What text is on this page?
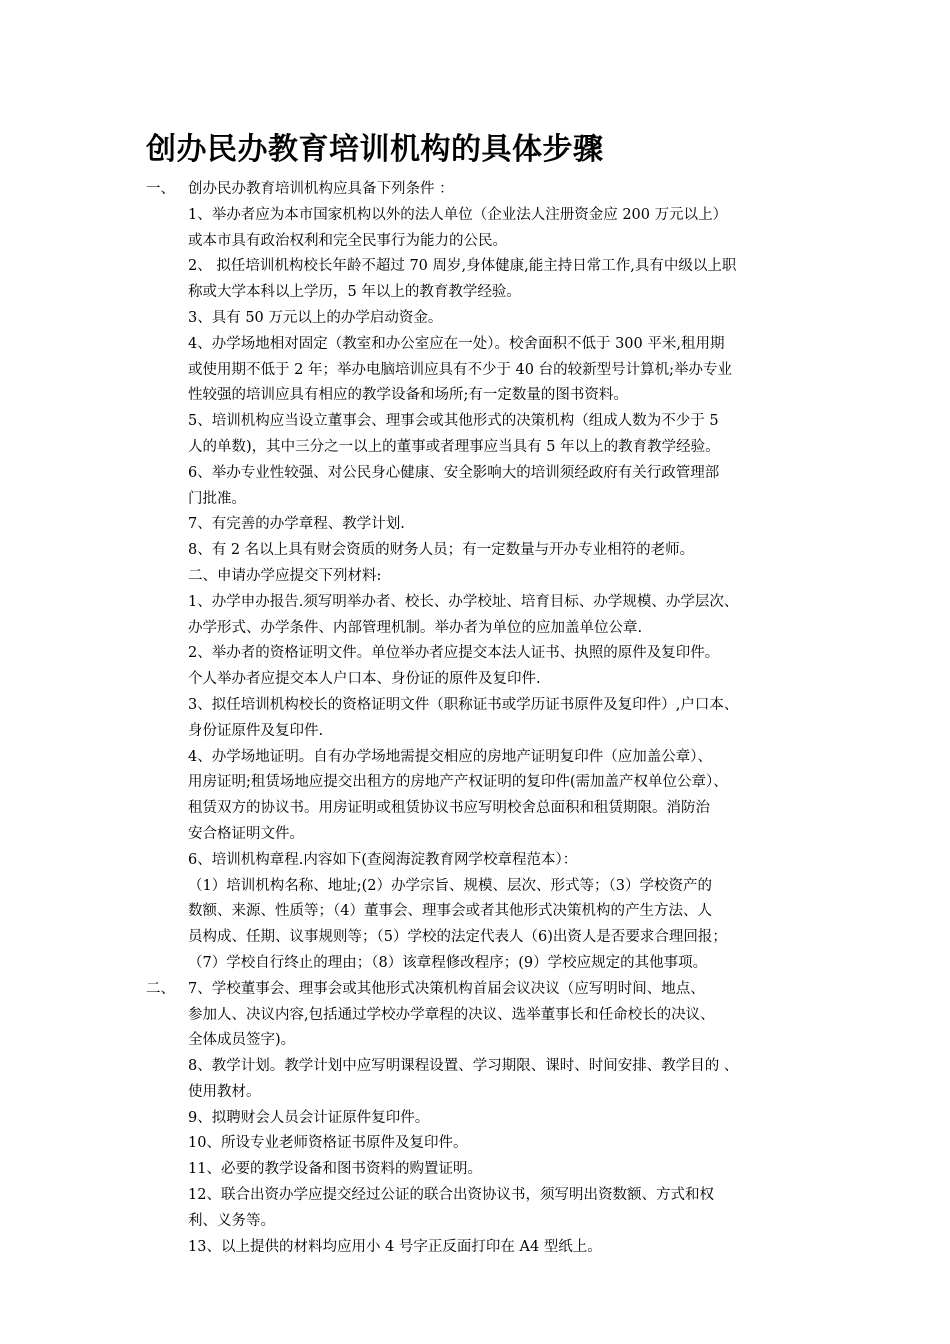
创办民办教育培训机构的具体步骤
一、 创办民办教育培训机构应具备下列条件 ：
1、举办者应为本市国家机构以外的法人单位（企业法人注册资金应 200 万元以上）
或本市具有政治权利和完全民事行为能力的公民。
2、 拟任培训机构校长年龄不超过 70 周岁,身体健康,能主持日常工作,具有中级以上职
称或大学本科以上学历，5 年以上的教育教学经验。
3、具有 50 万元以上的办学启动资金。
4、办学场地相对固定（教室和办公室应在一处）。校舍面积不低于 300 平米,租用期
或使用期不低于 2 年；举办电脑培训应具有不少于 40 台的较新型号计算机;举办专业
性较强的培训应具有相应的教学设备和场所;有一定数量的图书资料。
5、培训机构应当设立董事会、理事会或其他形式的决策机构（组成人数为不少于 5
人的单数)，其中三分之一以上的董事或者理事应当具有 5 年以上的教育教学经验。
6、举办专业性较强、对公民身心健康、安全影响大的培训须经政府有关行政管理部
门批准。
7、有完善的办学章程、教学计划.
8、有 2 名以上具有财会资质的财务人员；有一定数量与开办专业相符的老师。
二、申请办学应提交下列材料:
1、办学申办报告.须写明举办者、校长、办学校址、培育目标、办学规模、办学层次、
办学形式、办学条件、内部管理机制。举办者为单位的应加盖单位公章.
2、举办者的资格证明文件。单位举办者应提交本法人证书、执照的原件及复印件。
个人举办者应提交本人户口本、身份证的原件及复印件.
3、拟任培训机构校长的资格证明文件（职称证书或学历证书原件及复印件）,户口本、
身份证原件及复印件.
4、办学场地证明。自有办学场地需提交相应的房地产证明复印件（应加盖公章）、
用房证明;租赁场地应提交出租方的房地产产权证明的复印件(需加盖产权单位公章）、
租赁双方的协议书。用房证明或租赁协议书应写明校舍总面积和租赁期限。消防治
安合格证明文件。
6、培训机构章程.内容如下(查阅海淀教育网学校章程范本）：
（1）培训机构名称、地址;(2）办学宗旨、规模、层次、形式等；（3）学校资产的
数额、来源、性质等；（4）董事会、理事会或者其他形式决策机构的产生方法、人
员构成、任期、议事规则等；（5）学校的法定代表人（6)出资人是否要求合理回报；
（7）学校自行终止的理由；（8）该章程修改程序；(9）学校应规定的其他事项。
二、 7、学校董事会、理事会或其他形式决策机构首届会议决议（应写明时间、地点、
参加人、决议内容,包括通过学校办学章程的决议、选举董事长和任命校长的决议、
全体成员签字)。
8、教学计划。教学计划中应写明课程设置、学习期限、课时、时间安排、教学目的 、
使用教材。
9、拟聘财会人员会计证原件复印件。
10、所设专业老师资格证书原件及复印件。
11、必要的教学设备和图书资料的购置证明。
12、联合出资办学应提交经过公证的联合出资协议书，须写明出资数额、方式和权
利、义务等。
13、以上提供的材料均应用小 4 号字正反面打印在 A4 型纸上。
